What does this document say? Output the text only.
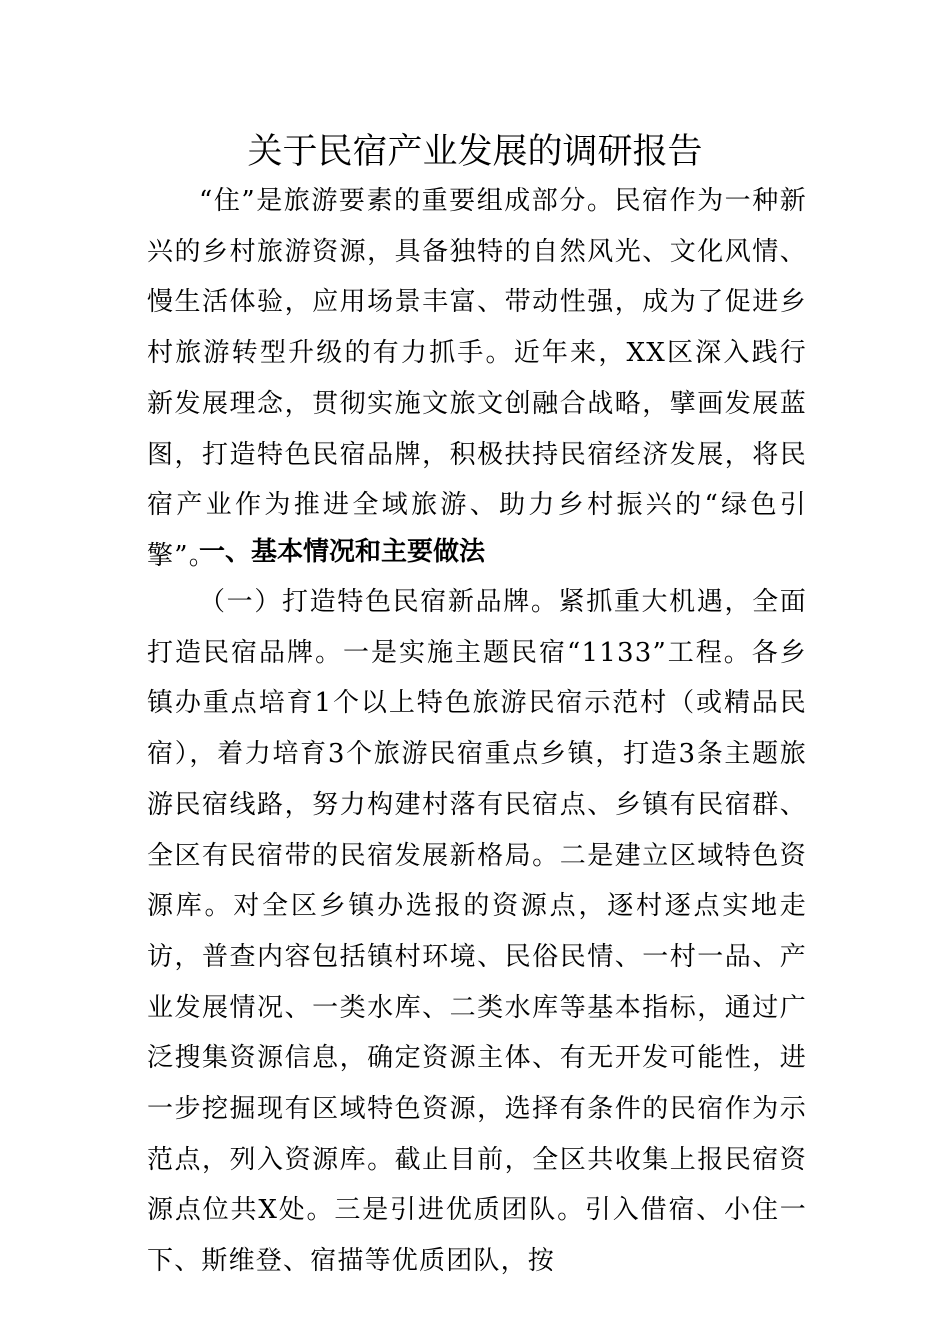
关于民宿产业发展的调研报告

“住”是旅游要素的重要组成部分。民宿作为一种新兴的乡村旅游资源，具备独特的自然风光、文化风情、慢生活体验，应用场景丰富、带动性强，成为了促进乡村旅游转型升级的有力抓手。近年来，XX区深入践行新发展理念，贯彻实施文旅文创融合战略，擘画发展蓝图，打造特色民宿品牌，积极扶持民宿经济发展，将民宿产业作为推进全域旅游、助力乡村振兴的“绿色引擎”。

一、基本情况和主要做法

（一）打造特色民宿新品牌。紧抓重大机遇，全面打造民宿品牌。一是实施主题民宿“1133”工程。各乡镇办重点培育1个以上特色旅游民宿示范村（或精品民宿），着力培育3个旅游民宿重点乡镇，打造3条主题旅游民宿线路，努力构建村落有民宿点、乡镇有民宿群、全区有民宿带的民宿发展新格局。二是建立区域特色资源库。对全区乡镇办选报的资源点，逐村逐点实地走访，普查内容包括镇村环境、民俗民情、一村一品、产业发展情况、一类水库、二类水库等基本指标，通过广泛搜集资源信息，确定资源主体、有无开发可能性，进一步挖掘现有区域特色资源，选择有条件的民宿作为示范点，列入资源库。截止目前，全区共收集上报民宿资源点位共X处。三是引进优质团队。引入借宿、小住一下、斯维登、宿描等优质团队，按
